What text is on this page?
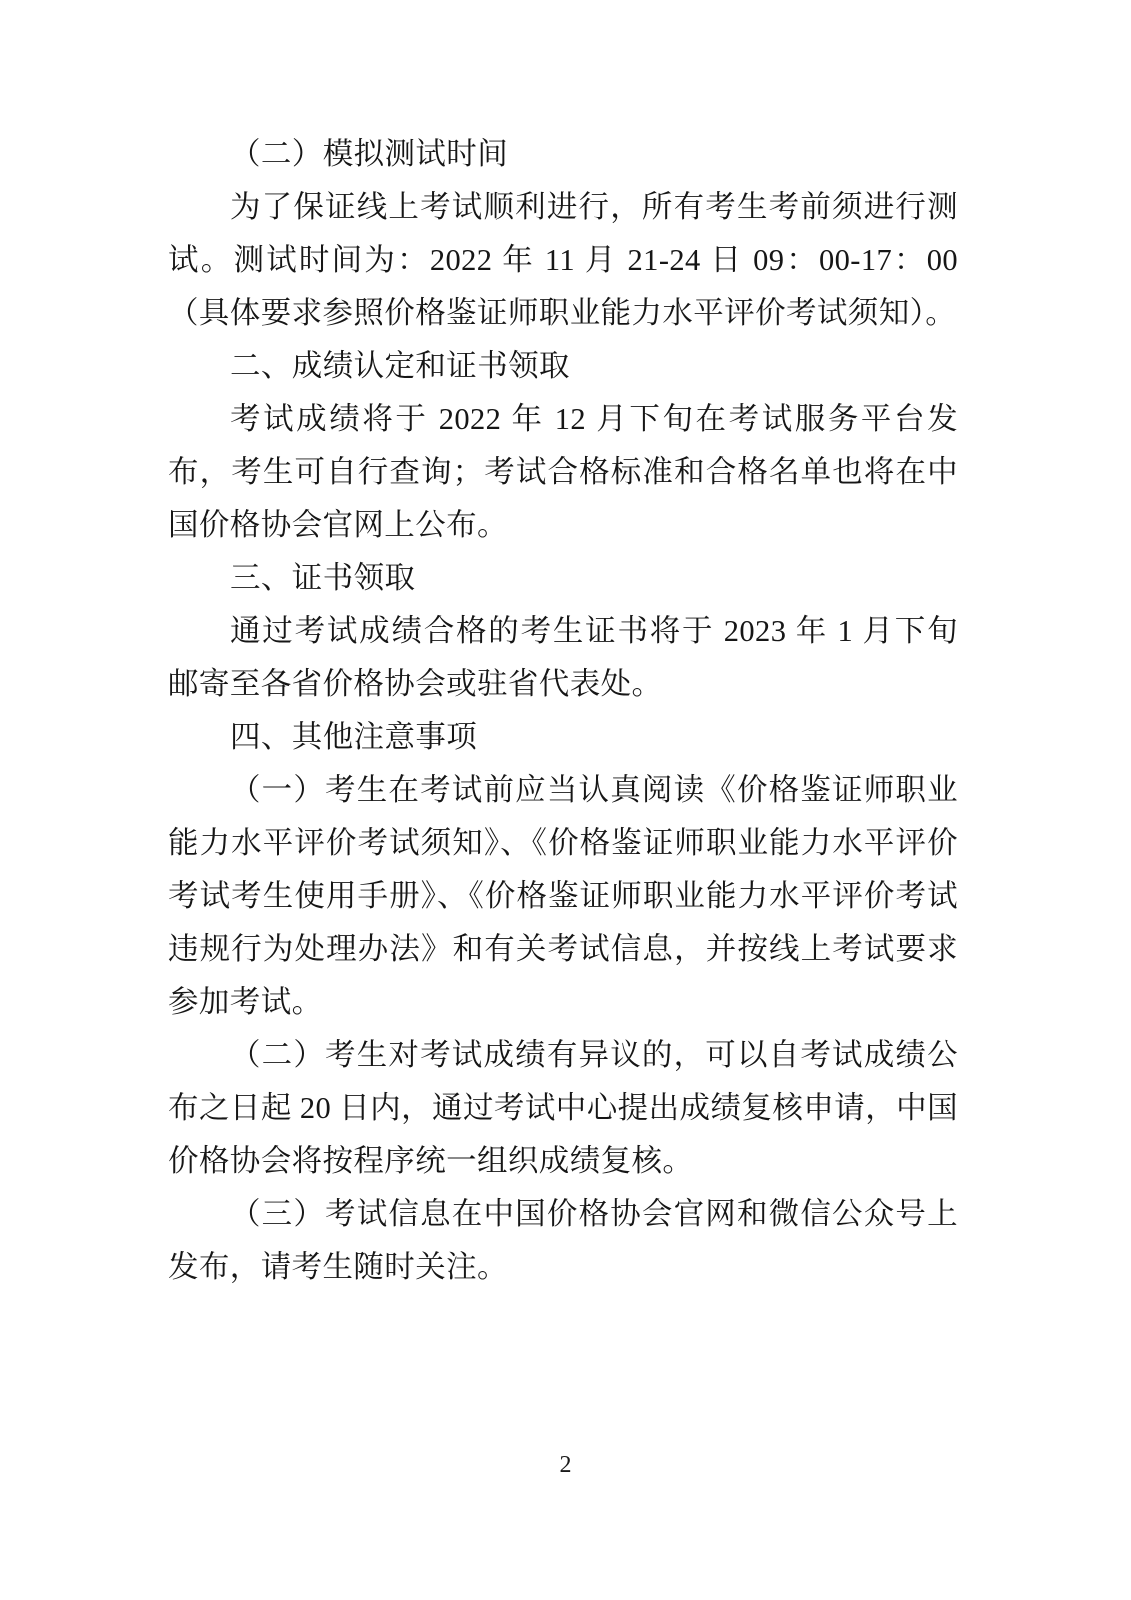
（二）模拟测试时间

为了保证线上考试顺利进行，所有考生考前须进行测试。测试时间为：2022 年 11 月 21-24 日 09：00-17：00（具体要求参照价格鉴证师职业能力水平评价考试须知）。

二、成绩认定和证书领取

考试成绩将于 2022 年 12 月下旬在考试服务平台发布，考生可自行查询；考试合格标准和合格名单也将在中国价格协会官网上公布。

三、证书领取

通过考试成绩合格的考生证书将于 2023 年 1 月下旬邮寄至各省价格协会或驻省代表处。

四、其他注意事项

（一）考生在考试前应当认真阅读《价格鉴证师职业能力水平评价考试须知》、《价格鉴证师职业能力水平评价考试考生使用手册》、《价格鉴证师职业能力水平评价考试违规行为处理办法》和有关考试信息，并按线上考试要求参加考试。

（二）考生对考试成绩有异议的，可以自考试成绩公布之日起 20 日内，通过考试中心提出成绩复核申请，中国价格协会将按程序统一组织成绩复核。

（三）考试信息在中国价格协会官网和微信公众号上发布，请考生随时关注。

2
